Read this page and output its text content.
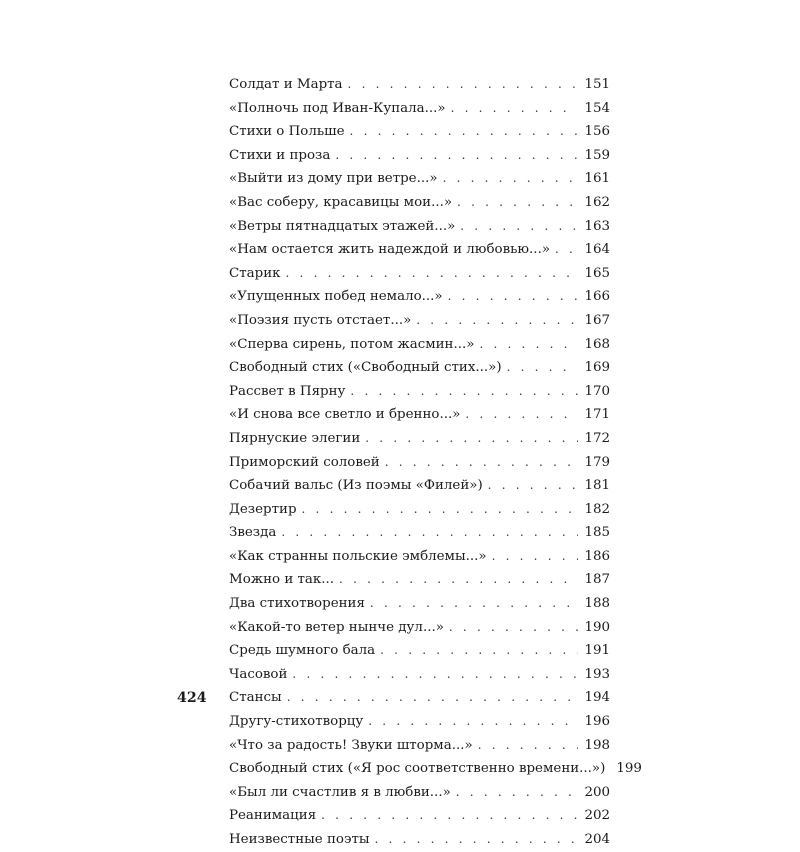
Солдат и Марта . . .	151
«Полночь под Иван-Купала...» . . .	154
Стихи о Польше . . .	156
Стихи и проза . . .	159
«Выйти из дому при ветре...» . . .	161
«Вас соберу, красавицы мои...» . . .	162
«Ветры пятнадцатых этажей...» . . .	163
«Нам остается жить надеждой и любовью...» . . .	164
Старик . . .	165
«Упущенных побед немало...» . . .	166
«Поэзия пусть отстает...» . . .	167
«Сперва сирень, потом жасмин...» . . .	168
Свободный стих («Свободный стих...») . . .	169
Рассвет в Пярну . . .	170
«И снова все светло и бренно...» . . .	171
Пярнуские элегии . . .	172
Приморский соловей . . .	179
Собачий вальс (Из поэмы «Филей») . . .	181
Дезертир . . .	182
Звезда . . .	185
«Как странны польские эмблемы...» . . .	186
Можно и так... . . .	187
Два стихотворения . . .	188
«Какой-то ветер нынче дул...» . . .	190
Средь шумного бала . . .	191
Часовой . . .	193
Стансы . . .	194
Другу-стихотворцу . . .	196
«Что за радость! Звуки шторма...» . . .	198
Свободный стих («Я рос соответственно времени...») 199
«Был ли счастлив я в любви...» . . .	200
Реанимация . . .	202
Неизвестные поэты . . .	204
424
